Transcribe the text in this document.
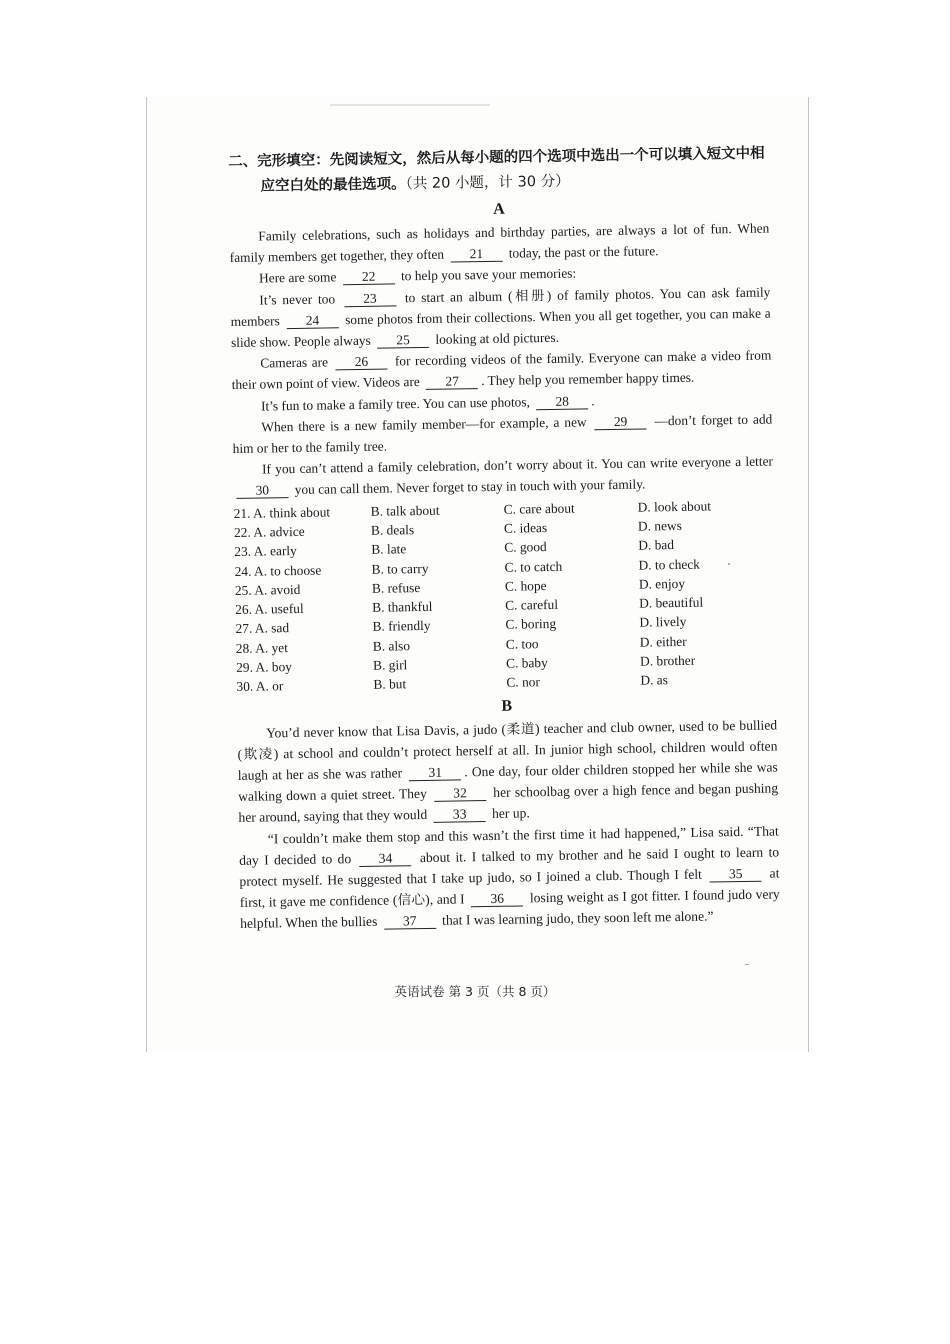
二、完形填空：先阅读短文，然后从每小题的四个选项中选出一个可以填入短文中相
应空白处的最佳选项。（共 20 小题，计 30 分）
A

Family celebrations, such as holidays and birthday parties, are always a lot of fun. When family members get together, they often 21 today, the past or the future.

Here are some 22 to help you save your memories:

It’s never too 23 to start an album (相册) of family photos. You can ask family members 24 some photos from their collections. When you all get together, you can make a slide show. People always 25 looking at old pictures.

Cameras are 26 for recording videos of the family. Everyone can make a video from their own point of view. Videos are 27 . They help you remember happy times.

It’s fun to make a family tree. You can use photos, 28 .

When there is a new family member—for example, a new 29 —don’t forget to add him or her to the family tree.

If you can’t attend a family celebration, don’t worry about it. You can write everyone a letter 30 you can call them. Never forget to stay in touch with your family.

21. A. think about	B. talk about	C. care about	D. look about
22. A. advice	B. deals	C. ideas	D. news
23. A. early	B. late	C. good	D. bad
24. A. to choose	B. to carry	C. to catch	D. to check
25. A. avoid	B. refuse	C. hope	D. enjoy
26. A. useful	B. thankful	C. careful	D. beautiful
27. A. sad	B. friendly	C. boring	D. lively
28. A. yet	B. also	C. too	D. either
29. A. boy	B. girl	C. baby	D. brother
30. A. or	B. but	C. nor	D. as
B

You’d never know that Lisa Davis, a judo (柔道) teacher and club owner, used to be bullied (欺凌) at school and couldn’t protect herself at all. In junior high school, children would often laugh at her as she was rather 31 . One day, four older children stopped her while she was walking down a quiet street. They 32 her schoolbag over a high fence and began pushing her around, saying that they would 33 her up.

“I couldn’t make them stop and this wasn’t the first time it had happened,” Lisa said. “That day I decided to do 34 about it. I talked to my brother and he said I ought to learn to protect myself. He suggested that I take up judo, so I joined a club. Though I felt 35 at first, it gave me confidence (信心), and I 36 losing weight as I got fitter. I found judo very helpful. When the bullies 37 that I was learning judo, they soon left me alone.”

英语试卷 第 3 页（共 8 页）
